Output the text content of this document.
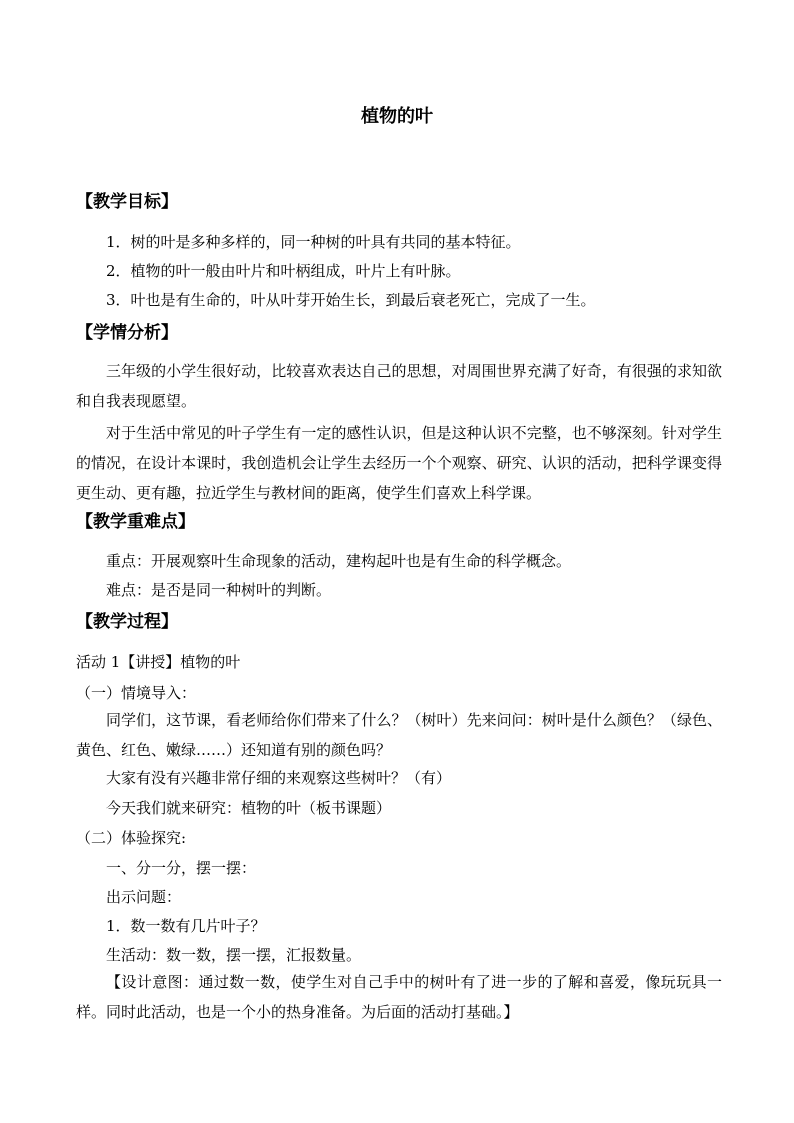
植物的叶
【教学目标】
1．树的叶是多种多样的，同一种树的叶具有共同的基本特征。
2．植物的叶一般由叶片和叶柄组成，叶片上有叶脉。
3．叶也是有生命的，叶从叶芽开始生长，到最后衰老死亡，完成了一生。
【学情分析】
三年级的小学生很好动，比较喜欢表达自己的思想，对周围世界充满了好奇，有很强的求知欲和自我表现愿望。
对于生活中常见的叶子学生有一定的感性认识，但是这种认识不完整，也不够深刻。针对学生的情况，在设计本课时，我创造机会让学生去经历一个个观察、研究、认识的活动，把科学课变得更生动、更有趣，拉近学生与教材间的距离，使学生们喜欢上科学课。
【教学重难点】
重点：开展观察叶生命现象的活动，建构起叶也是有生命的科学概念。
难点：是否是同一种树叶的判断。
【教学过程】
活动 1【讲授】植物的叶
（一）情境导入：
同学们，这节课，看老师给你们带来了什么？（树叶）先来问问：树叶是什么颜色？（绿色、黄色、红色、嫩绿……）还知道有别的颜色吗？
大家有没有兴趣非常仔细的来观察这些树叶？（有）
今天我们就来研究：植物的叶（板书课题）
（二）体验探究:
一、分一分，摆一摆：
出示问题：
1．数一数有几片叶子？
生活动：数一数，摆一摆，汇报数量。
【设计意图：通过数一数，使学生对自己手中的树叶有了进一步的了解和喜爱，像玩玩具一样。同时此活动，也是一个小的热身准备。为后面的活动打基础。】
